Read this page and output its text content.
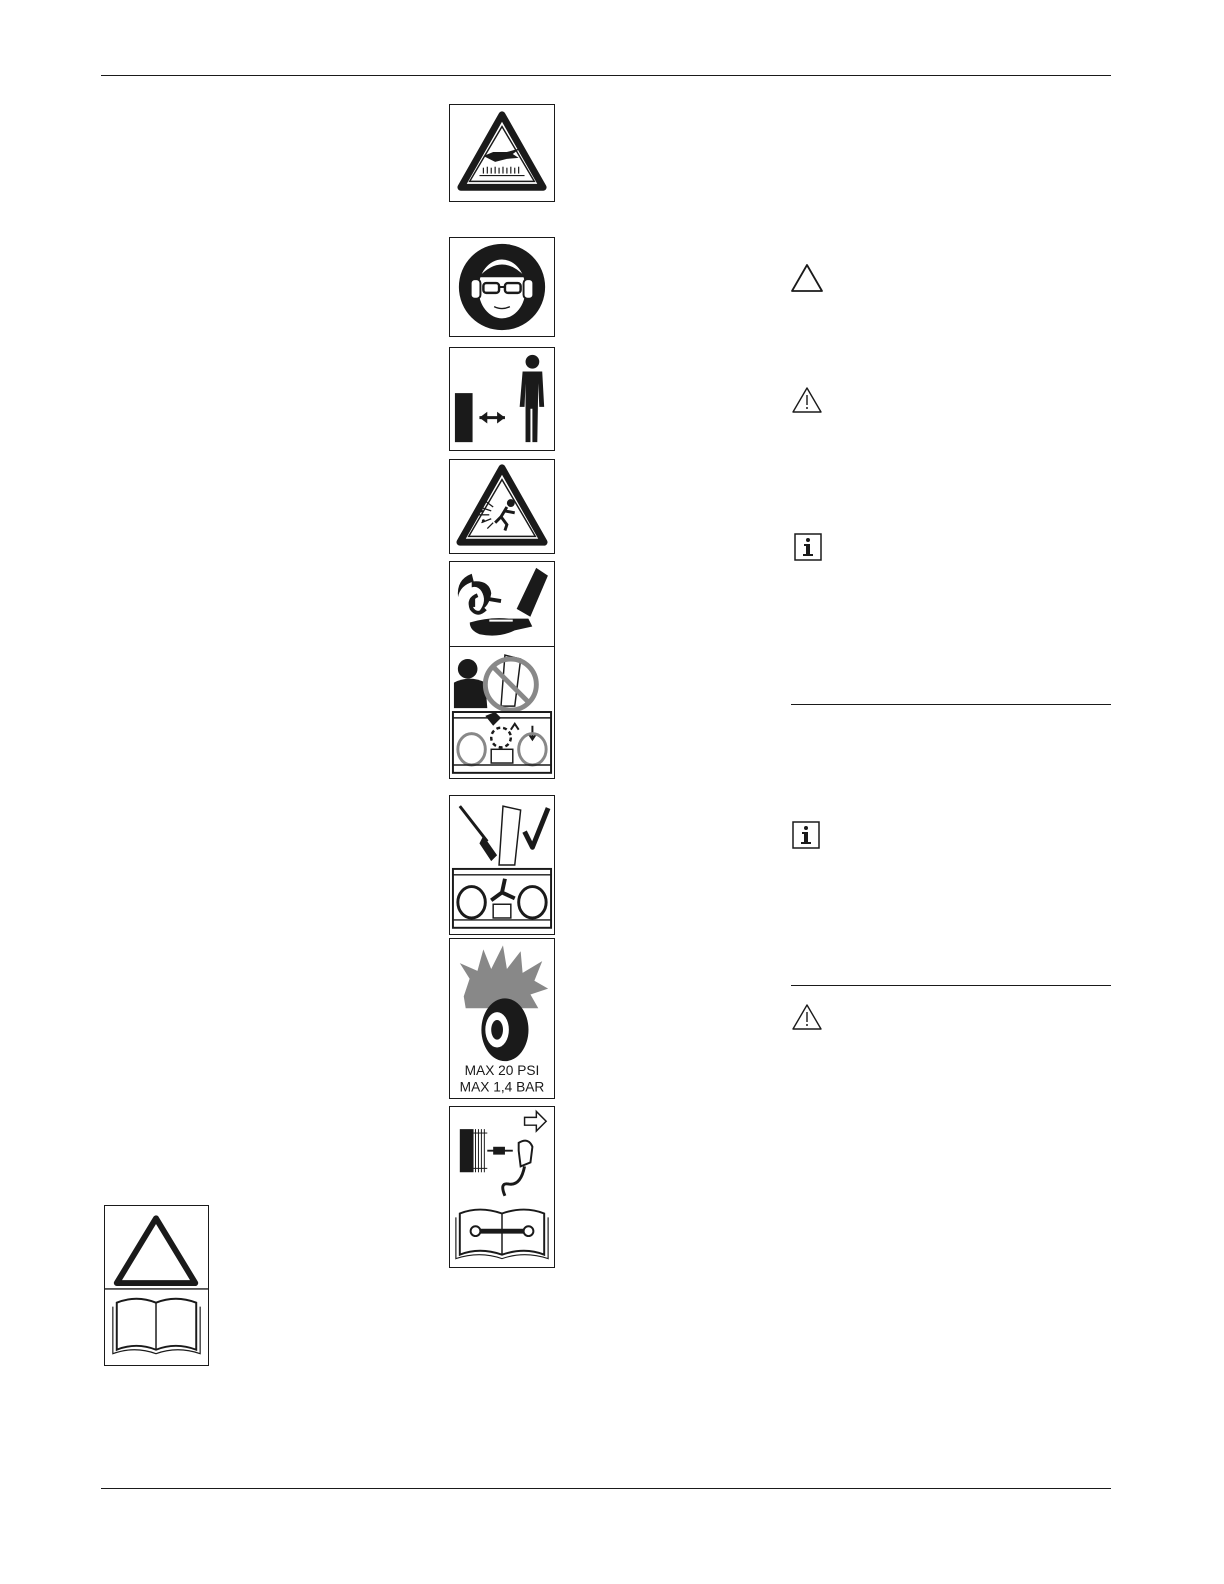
MAX 20 PSI
MAX 1,4 BAR
